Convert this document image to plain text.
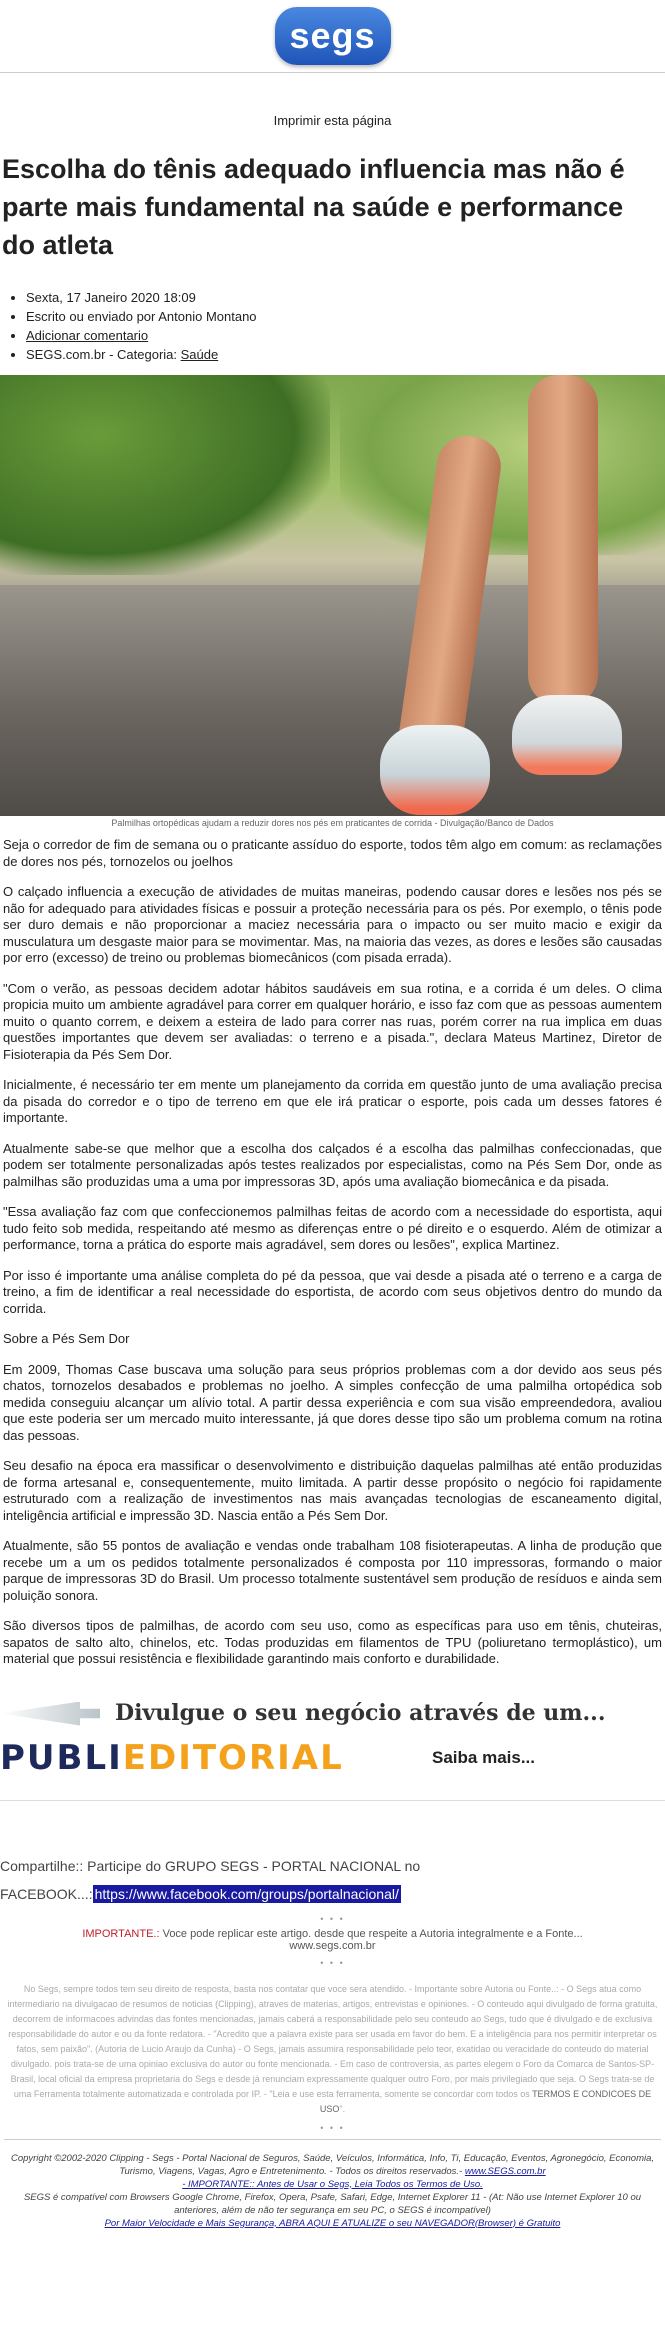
segs
Imprimir esta página
Escolha do tênis adequado influencia mas não é parte mais fundamental na saúde e performance do atleta
• Sexta, 17 Janeiro 2020 18:09
• Escrito ou enviado por Antonio Montano
• Adicionar comentario
• SEGS.com.br - Categoria: Saúde
Palmilhas ortopédicas ajudam a reduzir dores nos pés em praticantes de corrida - Divulgação/Banco de Dados

Seja o corredor de fim de semana ou o praticante assíduo do esporte, todos têm algo em comum: as reclamações de dores nos pés, tornozelos ou joelhos

O calçado influencia a execução de atividades de muitas maneiras, podendo causar dores e lesões nos pés se não for adequado para atividades físicas e possuir a proteção necessária para os pés. Por exemplo, o tênis pode ser duro demais e não proporcionar a maciez necessária para o impacto ou ser muito macio e exigir da musculatura um desgaste maior para se movimentar. Mas, na maioria das vezes, as dores e lesões são causadas por erro (excesso) de treino ou problemas biomecânicos (com pisada errada).

"Com o verão, as pessoas decidem adotar hábitos saudáveis em sua rotina, e a corrida é um deles. O clima propicia muito um ambiente agradável para correr em qualquer horário, e isso faz com que as pessoas aumentem muito o quanto correm, e deixem a esteira de lado para correr nas ruas, porém correr na rua implica em duas questões importantes que devem ser avaliadas: o terreno e a pisada.", declara Mateus Martinez, Diretor de Fisioterapia da Pés Sem Dor.

Inicialmente, é necessário ter em mente um planejamento da corrida em questão junto de uma avaliação precisa da pisada do corredor e o tipo de terreno em que ele irá praticar o esporte, pois cada um desses fatores é importante.

Atualmente sabe-se que melhor que a escolha dos calçados é a escolha das palmilhas confeccionadas, que podem ser totalmente personalizadas após testes realizados por especialistas, como na Pés Sem Dor, onde as palmilhas são produzidas uma a uma por impressoras 3D, após uma avaliação biomecânica e da pisada.

"Essa avaliação faz com que confeccionemos palmilhas feitas de acordo com a necessidade do esportista, aqui tudo feito sob medida, respeitando até mesmo as diferenças entre o pé direito e o esquerdo. Além de otimizar a performance, torna a prática do esporte mais agradável, sem dores ou lesões", explica Martinez.

Por isso é importante uma análise completa do pé da pessoa, que vai desde a pisada até o terreno e a carga de treino, a fim de identificar a real necessidade do esportista, de acordo com seus objetivos dentro do mundo da corrida.

Sobre a Pés Sem Dor

Em 2009, Thomas Case buscava uma solução para seus próprios problemas com a dor devido aos seus pés chatos, tornozelos desabados e problemas no joelho. A simples confecção de uma palmilha ortopédica sob medida conseguiu alcançar um alívio total. A partir dessa experiência e com sua visão empreendedora, avaliou que este poderia ser um mercado muito interessante, já que dores desse tipo são um problema comum na rotina das pessoas.

Seu desafio na época era massificar o desenvolvimento e distribuição daquelas palmilhas até então produzidas de forma artesanal e, consequentemente, muito limitada. A partir desse propósito o negócio foi rapidamente estruturado com a realização de investimentos nas mais avançadas tecnologias de escaneamento digital, inteligência artificial e impressão 3D. Nascia então a Pés Sem Dor.

Atualmente, são 55 pontos de avaliação e vendas onde trabalham 108 fisioterapeutas. A linha de produção que recebe um a um os pedidos totalmente personalizados é composta por 110 impressoras, formando o maior parque de impressoras 3D do Brasil. Um processo totalmente sustentável sem produção de resíduos e ainda sem poluição sonora.

São diversos tipos de palmilhas, de acordo com seu uso, como as específicas para uso em tênis, chuteiras, sapatos de salto alto, chinelos, etc. Todas produzidas em filamentos de TPU (poliuretano termoplástico), um material que possui resistência e flexibilidade garantindo mais conforto e durabilidade.

Divulgue o seu negócio através de um...
PUBLIEDITORIAL	Saiba mais...
Compartilhe:: Participe do GRUPO SEGS - PORTAL NACIONAL no
FACEBOOK...: https://www.facebook.com/groups/portalnacional/
• • •
IMPORTANTE.: Voce pode replicar este artigo. desde que respeite a Autoria integralmente e a Fonte...
www.segs.com.br
• • •
No Segs, sempre todos tem seu direito de resposta, basta nos contatar que voce sera atendido. - Importante sobre Autoria ou Fonte..: - O Segs atua como intermediario na divulgacao de resumos de noticias (Clipping), atraves de materias, artigos, entrevistas e opiniones. - O conteudo aqui divulgado de forma gratuita, decorrem de informacoes advindas das fontes mencionadas, jamais caberá a responsabilidade pelo seu conteudo ao Segs, tudo que é divulgado e de exclusiva responsabilidade do autor e ou da fonte redatora. - "Acredito que a palavra existe para ser usada em favor do bem. E a inteligência para nos permitir interpretar os fatos, sem paixão". (Autoria de Lucio Araujo da Cunha) - O Segs, jamais assumira responsabilidade pelo teor, exatidao ou veracidade do conteudo do material divulgado. pois trata-se de uma opiniao exclusiva do autor ou fonte mencionada. - Em caso de controversia, as partes elegem o Foro da Comarca de Santos-SP-Brasil, local oficial da empresa proprietaria do Segs e desde já renunciam expressamente qualquer outro Foro, por mais privilegiado que seja. O Segs trata-se de uma Ferramenta totalmente automatizada e controlada por IP. - "Leia e use esta ferramenta, somente se concordar com todos os TERMOS E CONDICOES DE USO".
• • •
Copyright ©2002-2020 Clipping - Segs - Portal Nacional de Seguros, Saúde, Veículos, Informática, Info, Ti, Educação, Eventos, Agronegócio, Economia, Turismo, Viagens, Vagas, Agro e Entretenimento. - Todos os direitos reservados.- www.SEGS.com.br
- IMPORTANTE:: Antes de Usar o Segs, Leia Todos os Termos de Uso.
SEGS é compatível com Browsers Google Chrome, Firefox, Opera, Psafe, Safari, Edge, Internet Explorer 11 - (At: Não use Internet Explorer 10 ou anteriores, além de não ter segurança em seu PC, o SEGS é incompatível)
Por Maior Velocidade e Mais Segurança, ABRA AQUI E ATUALIZE o seu NAVEGADOR(Browser) é Gratuito
